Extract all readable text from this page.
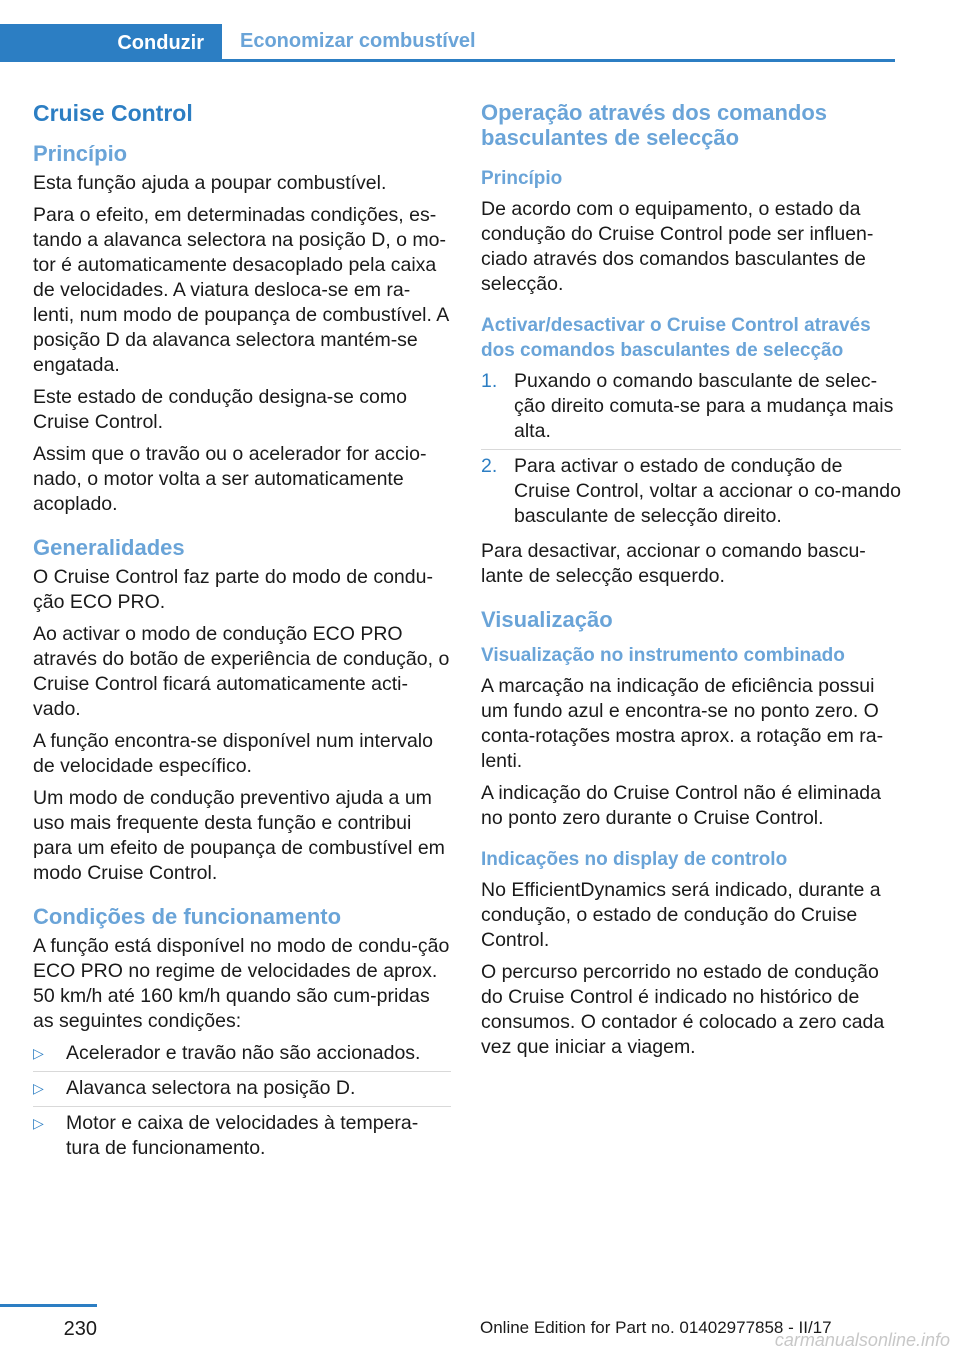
Conduzir	Economizar combustível
Cruise Control
Princípio

Esta função ajuda a poupar combustível.

Para o efeito, em determinadas condições, es‐tando a alavanca selectora na posição D, o mo‐tor é automaticamente desacoplado pela caixa de velocidades. A viatura desloca-se em ra‐lenti, num modo de poupança de combustível. A posição D da alavanca selectora mantém-se engatada.

Este estado de condução designa-se como Cruise Control.

Assim que o travão ou o acelerador for accio‐nado, o motor volta a ser automaticamente acoplado.

Generalidades

O Cruise Control faz parte do modo de condu‐ção ECO PRO.

Ao activar o modo de condução ECO PRO através do botão de experiência de condução, o Cruise Control ficará automaticamente acti‐vado.

A função encontra-se disponível num intervalo de velocidade específico.

Um modo de condução preventivo ajuda a um uso mais frequente desta função e contribui para um efeito de poupança de combustível em modo Cruise Control.

Condições de funcionamento

A função está disponível no modo de condu‐ção ECO PRO no regime de velocidades de aprox. 50 km/h até 160 km/h quando são cum‐pridas as seguintes condições:

▷ Acelerador e travão não são accionados.
▷ Alavanca selectora na posição D.
▷ Motor e caixa de velocidades à tempera‐tura de funcionamento.
Operação através dos comandos basculantes de selecção
Princípio

De acordo com o equipamento, o estado da condução do Cruise Control pode ser influen‐ciado através dos comandos basculantes de selecção.

Activar/desactivar o Cruise Control através dos comandos basculantes de selecção
1. Puxando o comando basculante de selec‐ção direito comuta-se para a mudança mais alta.
2. Para activar o estado de condução de Cruise Control, voltar a accionar o co‐mando basculante de selecção direito.

Para desactivar, accionar o comando bascu‐lante de selecção esquerdo.

Visualização
Visualização no instrumento combinado

A marcação na indicação de eficiência possui um fundo azul e encontra-se no ponto zero. O conta-rotações mostra aprox. a rotação em ra‐lenti.

A indicação do Cruise Control não é eliminada no ponto zero durante o Cruise Control.

Indicações no display de controlo

No EfficientDynamics será indicado, durante a condução, o estado de condução do Cruise Control.

O percurso percorrido no estado de condução do Cruise Control é indicado no histórico de consumos. O contador é colocado a zero cada vez que iniciar a viagem.

230	Online Edition for Part no. 01402977858 - II/17
carmanualsonline.info
